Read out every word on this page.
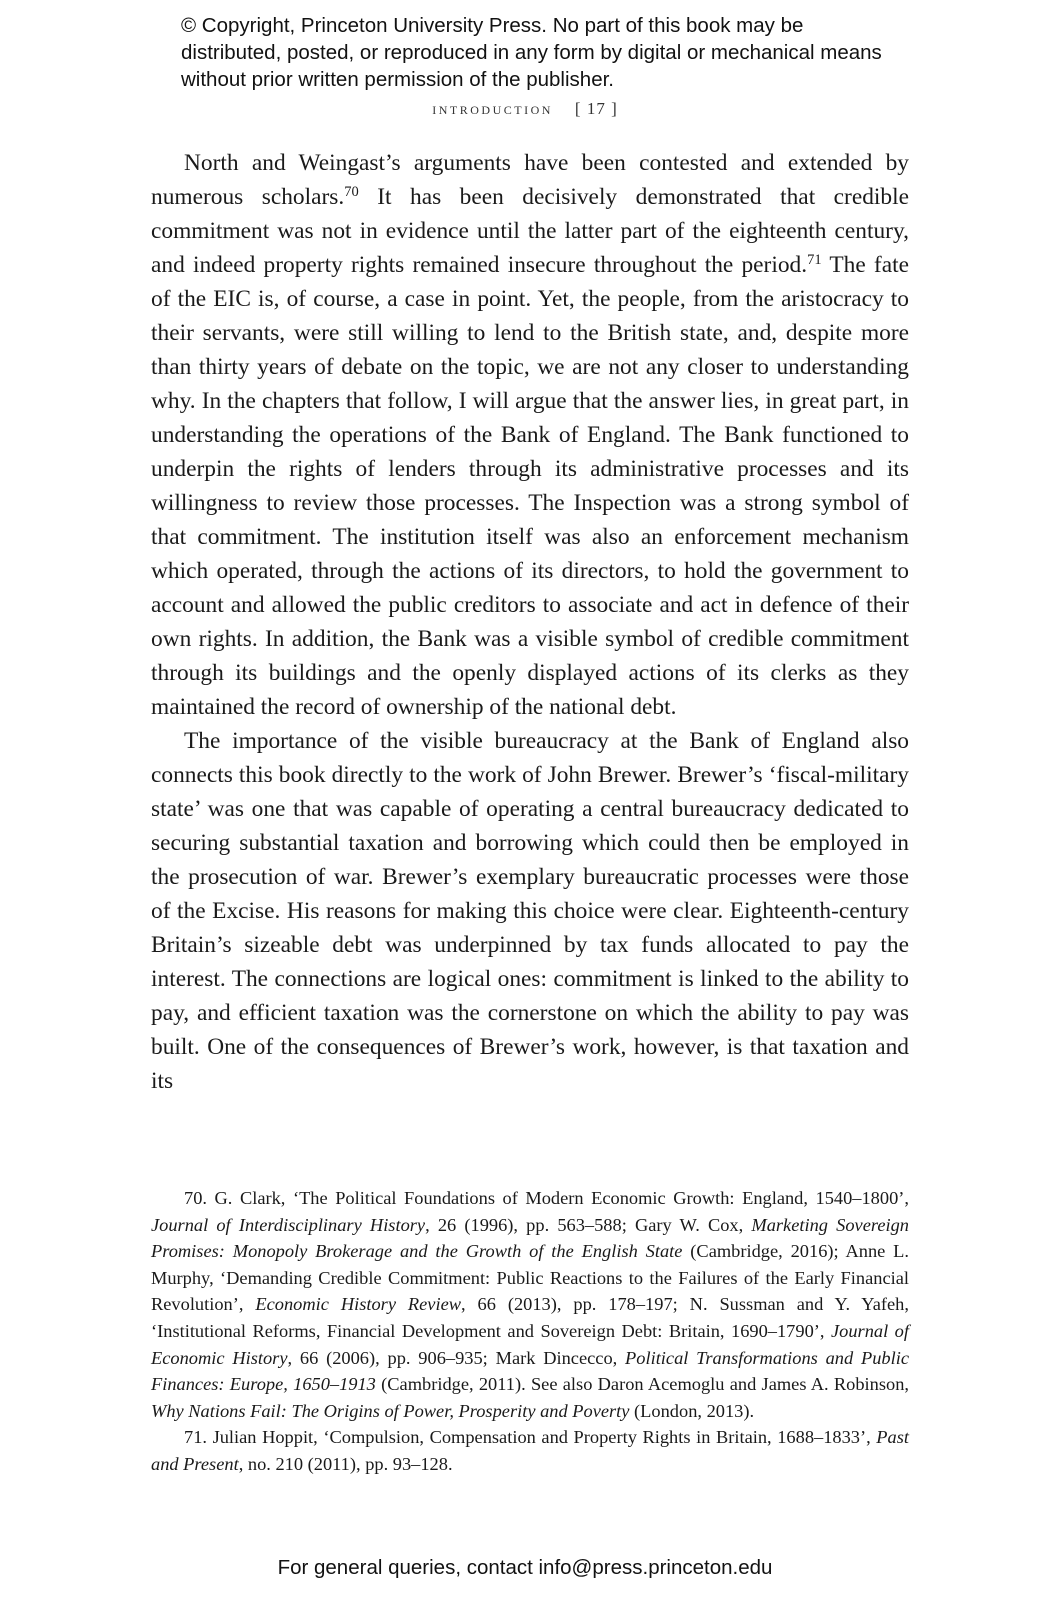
© Copyright, Princeton University Press. No part of this book may be distributed, posted, or reproduced in any form by digital or mechanical means without prior written permission of the publisher.

introduction [ 17 ]

North and Weingast’s arguments have been contested and extended by numerous scholars.$^{70}$ It has been decisively demonstrated that credible commitment was not in evidence until the latter part of the eighteenth century, and indeed property rights remained insecure throughout the period.$^{71}$ The fate of the EIC is, of course, a case in point. Yet, the people, from the aristocracy to their servants, were still willing to lend to the British state, and, despite more than thirty years of debate on the topic, we are not any closer to understanding why. In the chapters that follow, I will argue that the answer lies, in great part, in understanding the operations of the Bank of England. The Bank functioned to underpin the rights of lenders through its administrative processes and its willingness to review those processes. The Inspection was a strong symbol of that commitment. The institution itself was also an enforcement mechanism which operated, through the actions of its directors, to hold the government to account and allowed the public creditors to associate and act in defence of their own rights. In addition, the Bank was a visible symbol of credible commitment through its buildings and the openly displayed actions of its clerks as they maintained the record of ownership of the national debt.

The importance of the visible bureaucracy at the Bank of England also connects this book directly to the work of John Brewer. Brewer’s ‘fiscal-military state’ was one that was capable of operating a central bureaucracy dedicated to securing substantial taxation and borrowing which could then be employed in the prosecution of war. Brewer’s exemplary bureaucratic processes were those of the Excise. His reasons for making this choice were clear. Eighteenth-century Britain’s sizeable debt was underpinned by tax funds allocated to pay the interest. The connections are logical ones: commitment is linked to the ability to pay, and efficient taxation was the cornerstone on which the ability to pay was built. One of the consequences of Brewer’s work, however, is that taxation and its

70. G. Clark, ‘The Political Foundations of Modern Economic Growth: England, 1540–1800’, Journal of Interdisciplinary History, 26 (1996), pp. 563–588; Gary W. Cox, Marketing Sovereign Promises: Monopoly Brokerage and the Growth of the English State (Cambridge, 2016); Anne L. Murphy, ‘Demanding Credible Commitment: Public Reactions to the Failures of the Early Financial Revolution’, Economic History Review, 66 (2013), pp. 178–197; N. Sussman and Y. Yafeh, ‘Institutional Reforms, Financial Development and Sovereign Debt: Britain, 1690–1790’, Journal of Economic History, 66 (2006), pp. 906–935; Mark Dincecco, Political Transformations and Public Finances: Europe, 1650–1913 (Cambridge, 2011). See also Daron Acemoglu and James A. Robinson, Why Nations Fail: The Origins of Power, Prosperity and Poverty (London, 2013).

71. Julian Hoppit, ‘Compulsion, Compensation and Property Rights in Britain, 1688–1833’, Past and Present, no. 210 (2011), pp. 93–128.

For general queries, contact info@press.princeton.edu
